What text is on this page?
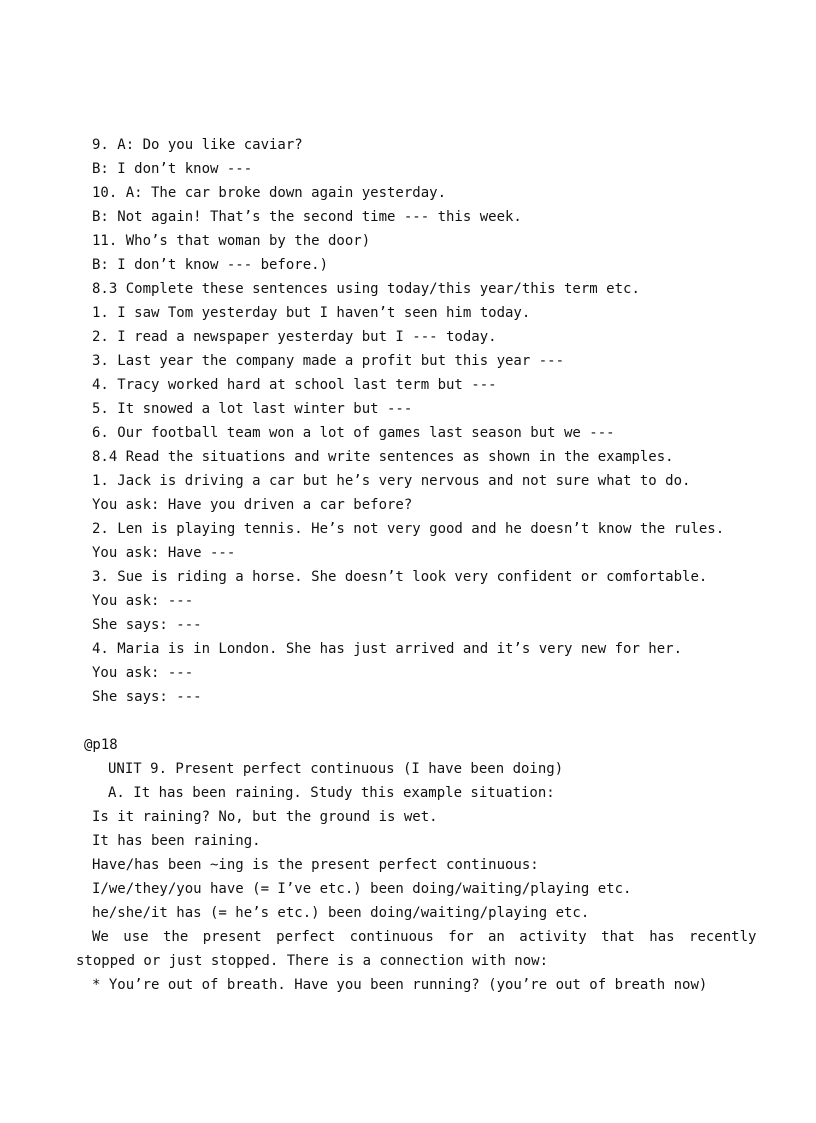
9. A: Do you like caviar?
B: I don’t know ---
10. A: The car broke down again yesterday.
B: Not again! That’s the second time --- this week.
11. Who’s that woman by the door)
B: I don’t know --- before.)
8.3 Complete these sentences using today/this year/this term etc.
1. I saw Tom yesterday but I haven’t seen him today.
2. I read a newspaper yesterday but I --- today.
3. Last year the company made a profit but this year ---
4. Tracy worked hard at school last term but ---
5. It snowed a lot last winter but ---
6. Our football team won a lot of games last season but we ---
8.4 Read the situations and write sentences as shown in the examples.
1. Jack is driving a car but he’s very nervous and not sure what to do.
You ask: Have you driven a car before?
2. Len is playing tennis. He’s not very good and he doesn’t know the rules.
You ask: Have ---
3. Sue is riding a horse. She doesn’t look very confident or comfortable.
You ask: ---
She says: ---
4. Maria is in London. She has just arrived and it’s very new for her.
You ask: ---
She says: ---
@p18
UNIT 9. Present perfect continuous (I have been doing)
A. It has been raining. Study this example situation:
Is it raining? No, but the ground is wet.
It has been raining.
Have/has been ~ing is the present perfect continuous:
I/we/they/you have (= I’ve etc.) been doing/waiting/playing etc.
he/she/it has (= he’s etc.) been doing/waiting/playing etc.
We use the present perfect continuous for an activity that has recently
stopped or just stopped. There is a connection with now:
* You’re out of breath. Have you been running? (you’re out of breath now)
